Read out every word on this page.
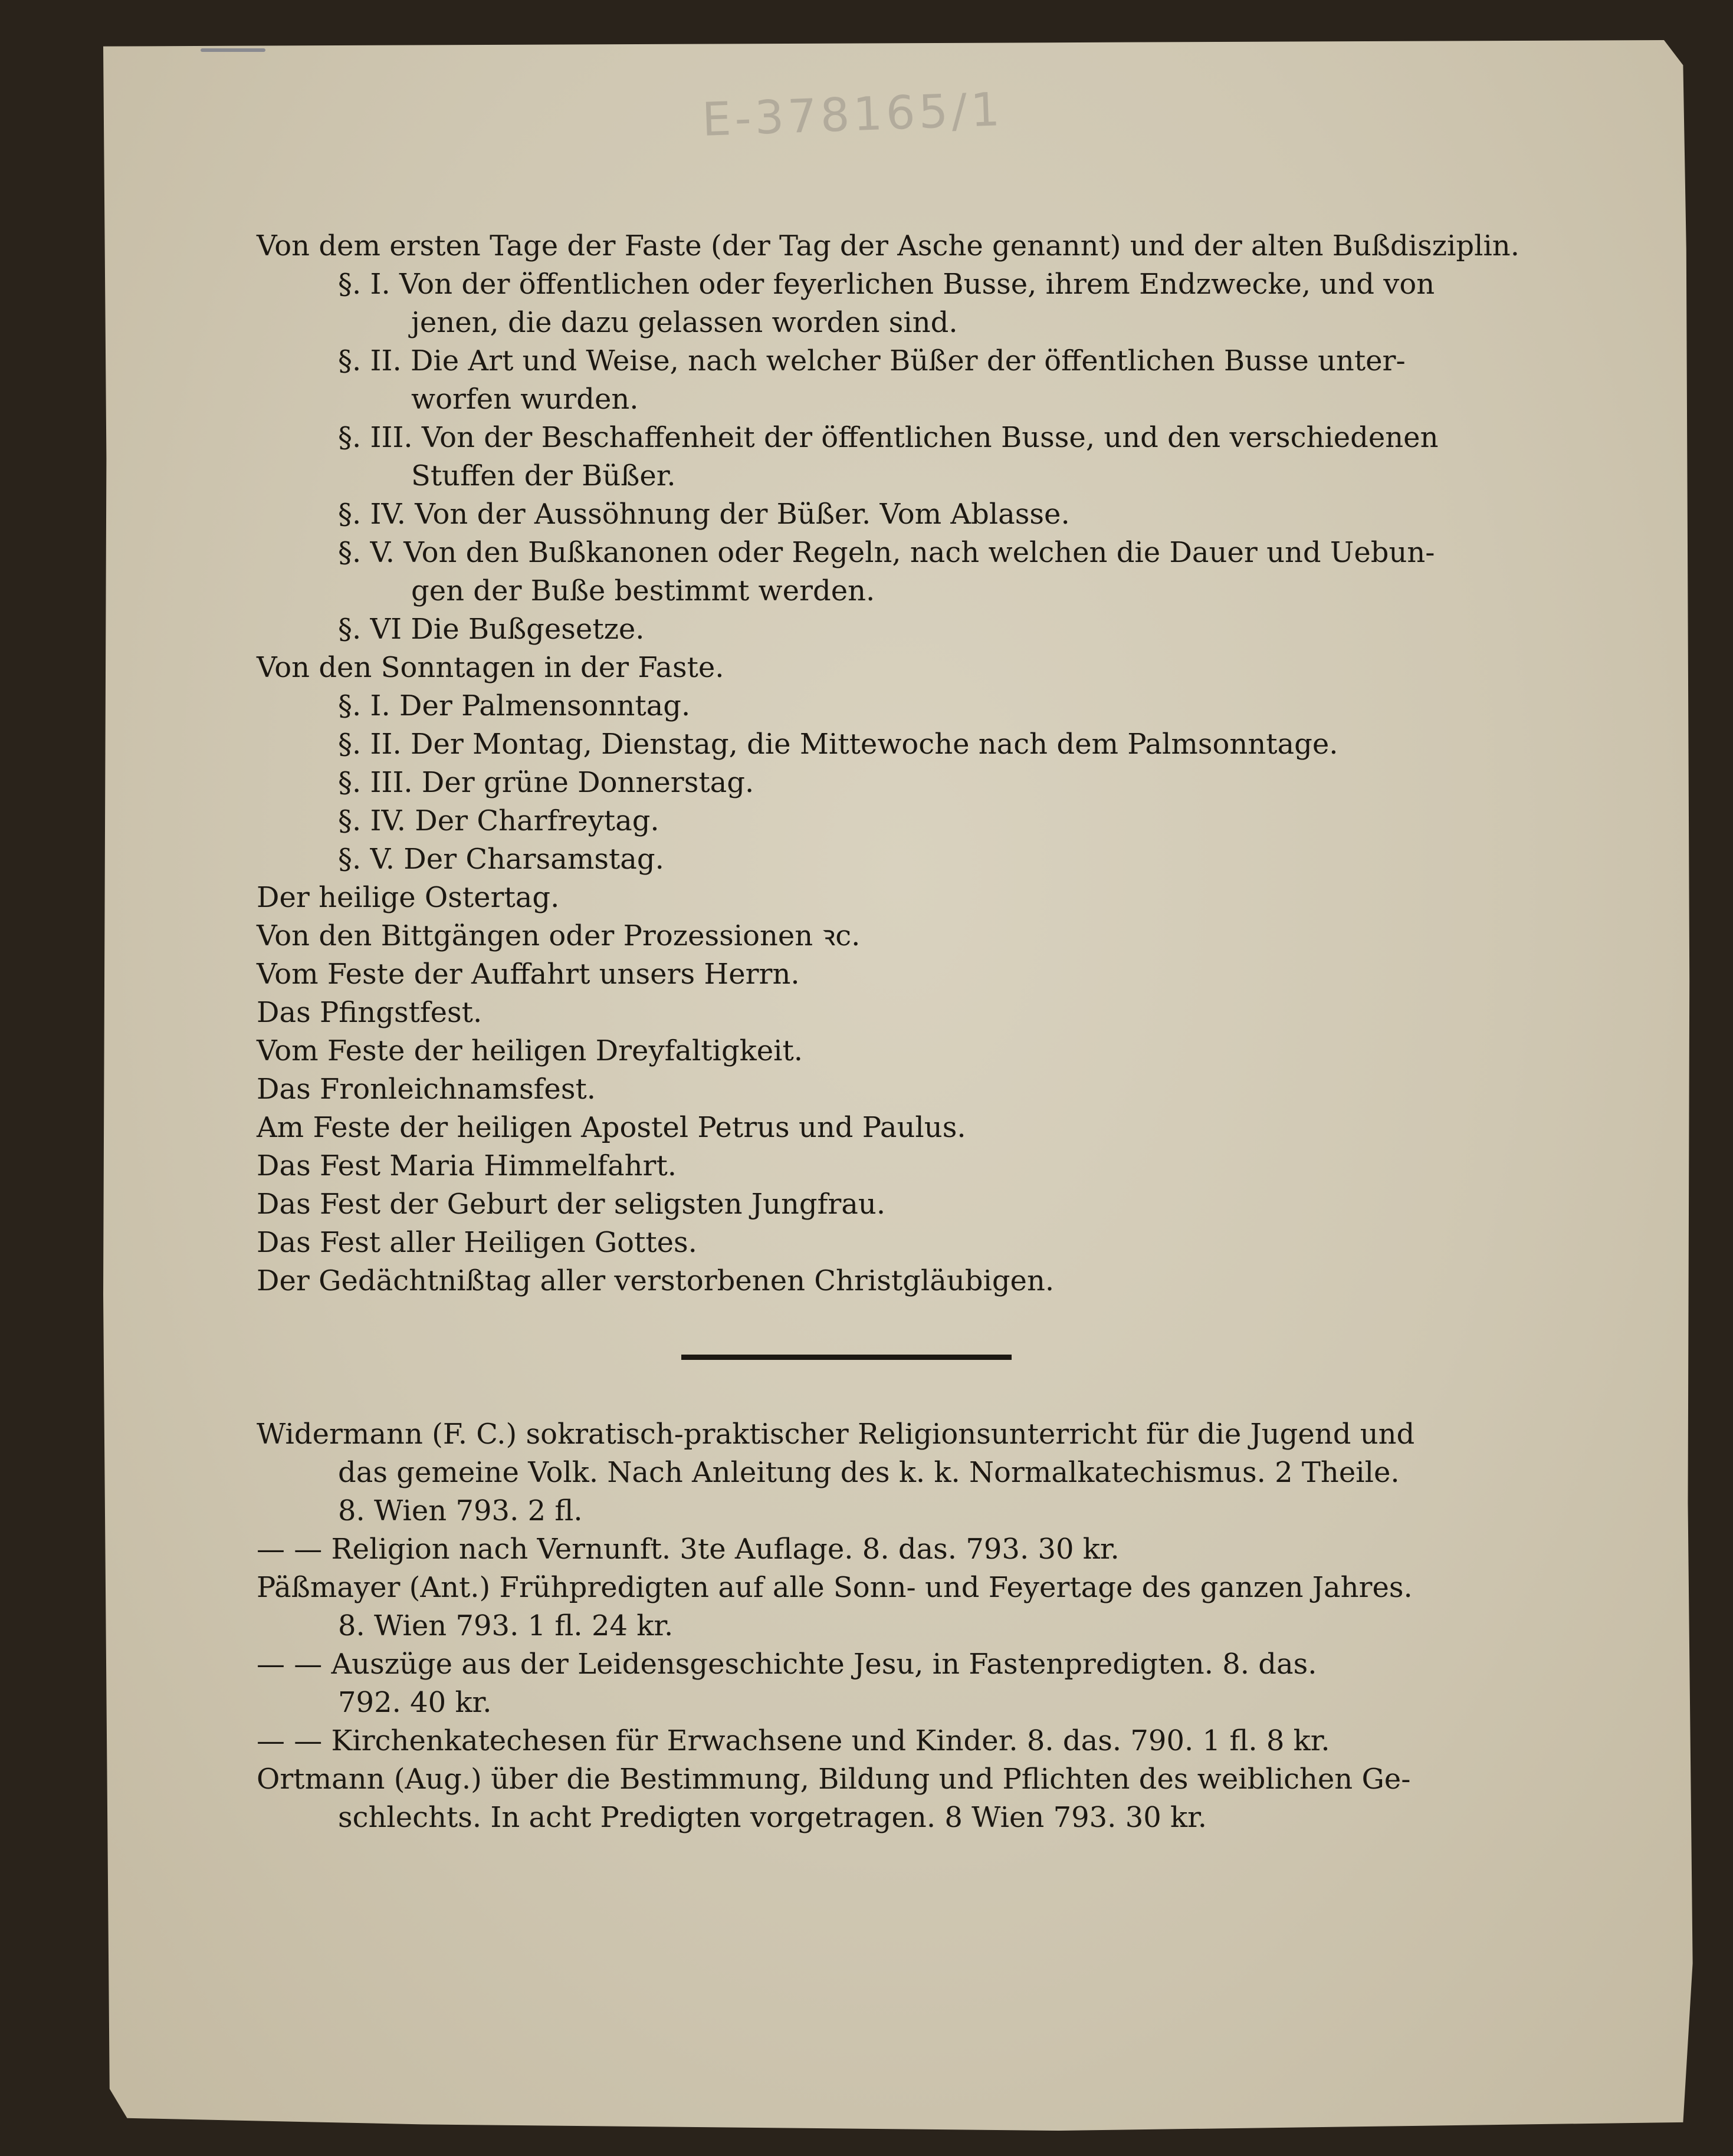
E-378165/1
Von dem ersten Tage der Faste (der Tag der Asche genannt) und der alten Bußdisziplin.
§. I. Von der öffentlichen oder feyerlichen Busse, ihrem Endzwecke, und von
jenen, die dazu gelassen worden sind.
§. II. Die Art und Weise, nach welcher Büßer der öffentlichen Busse unter-
worfen wurden.
§. III. Von der Beschaffenheit der öffentlichen Busse, und den verschiedenen
Stuffen der Büßer.
§. IV. Von der Aussöhnung der Büßer. Vom Ablasse.
§. V. Von den Bußkanonen oder Regeln, nach welchen die Dauer und Uebun-
gen der Buße bestimmt werden.
§. VI Die Bußgesetze.
Von den Sonntagen in der Faste.
§. I. Der Palmensonntag.
§. II. Der Montag, Dienstag, die Mittewoche nach dem Palmsonntage.
§. III. Der grüne Donnerstag.
§. IV. Der Charfreytag.
§. V. Der Charsamstag.
Der heilige Ostertag.
Von den Bittgängen oder Prozessionen ꝛc.
Vom Feste der Auffahrt unsers Herrn.
Das Pfingstfest.
Vom Feste der heiligen Dreyfaltigkeit.
Das Fronleichnamsfest.
Am Feste der heiligen Apostel Petrus und Paulus.
Das Fest Maria Himmelfahrt.
Das Fest der Geburt der seligsten Jungfrau.
Das Fest aller Heiligen Gottes.
Der Gedächtnißtag aller verstorbenen Christgläubigen.
Widermann (F. C.) sokratisch-praktischer Religionsunterricht für die Jugend und
das gemeine Volk. Nach Anleitung des k. k. Normalkatechismus. 2 Theile.
8. Wien 793. 2 fl.
— — Religion nach Vernunft. 3te Auflage. 8. das. 793. 30 kr.
Päßmayer (Ant.) Frühpredigten auf alle Sonn- und Feyertage des ganzen Jahres.
8. Wien 793. 1 fl. 24 kr.
— — Auszüge aus der Leidensgeschichte Jesu, in Fastenpredigten. 8. das.
792. 40 kr.
— — Kirchenkatechesen für Erwachsene und Kinder. 8. das. 790. 1 fl. 8 kr.
Ortmann (Aug.) über die Bestimmung, Bildung und Pflichten des weiblichen Ge-
schlechts. In acht Predigten vorgetragen. 8 Wien 793. 30 kr.
